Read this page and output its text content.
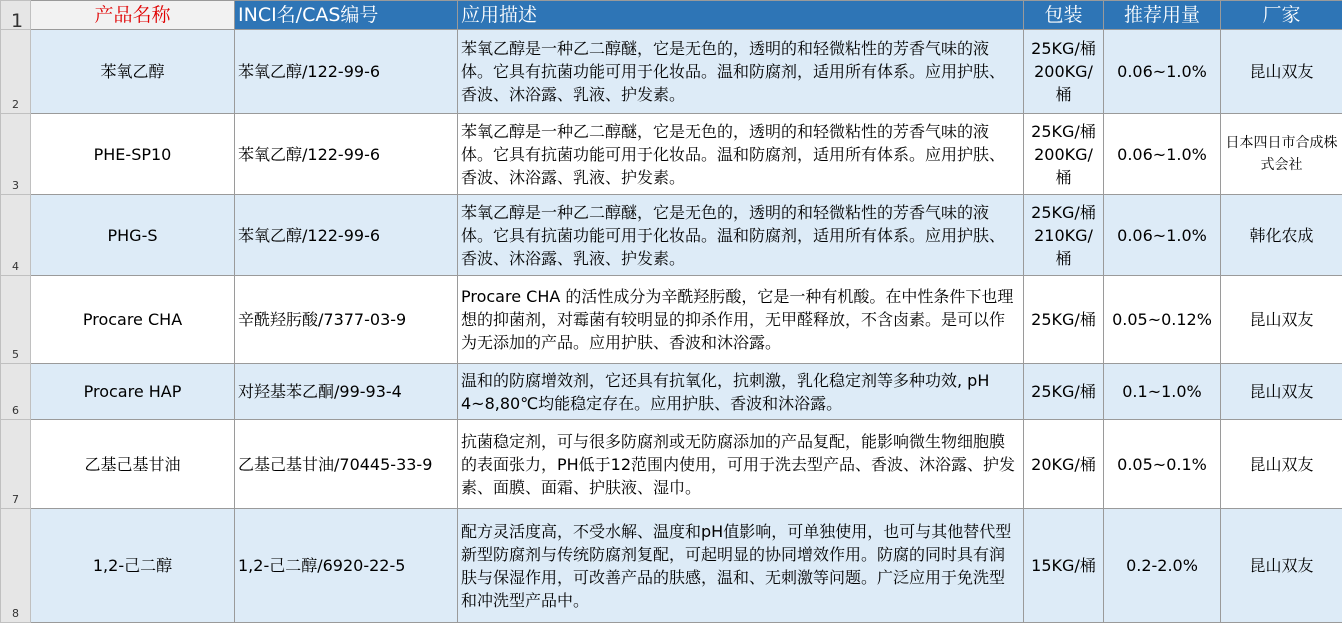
1	产品名称	INCI名/CAS编号	应用描述	包装	推荐用量	厂家
2	苯氧乙醇	苯氧乙醇/122-99-6	苯氧乙醇是一种乙二醇醚，它是无色的，透明的和轻微粘性的芳香气味的液体。它具有抗菌功能可用于化妆品。温和防腐剂，适用所有体系。应用护肤、香波、沐浴露、乳液、护发素。	25KG/桶 200KG/桶	0.06~1.0%	昆山双友
3	PHE-SP10	苯氧乙醇/122-99-6	苯氧乙醇是一种乙二醇醚，它是无色的，透明的和轻微粘性的芳香气味的液体。它具有抗菌功能可用于化妆品。温和防腐剂，适用所有体系。应用护肤、香波、沐浴露、乳液、护发素。	25KG/桶 200KG/桶	0.06~1.0%	日本四日市合成株式会社
4	PHG-S	苯氧乙醇/122-99-6	苯氧乙醇是一种乙二醇醚，它是无色的，透明的和轻微粘性的芳香气味的液体。它具有抗菌功能可用于化妆品。温和防腐剂，适用所有体系。应用护肤、香波、沐浴露、乳液、护发素。	25KG/桶 210KG/桶	0.06~1.0%	韩化农成
5	Procare CHA	辛酰羟肟酸/7377-03-9	Procare CHA 的活性成分为辛酰羟肟酸，它是一种有机酸。在中性条件下也理想的抑菌剂，对霉菌有较明显的抑杀作用，无甲醛释放，不含卤素。是可以作为无添加的产品。应用护肤、香波和沐浴露。	25KG/桶	0.05~0.12%	昆山双友
6	Procare HAP	对羟基苯乙酮/99-93-4	温和的防腐增效剂，它还具有抗氧化，抗刺激，乳化稳定剂等多种功效, pH 4~8,80℃均能稳定存在。应用护肤、香波和沐浴露。	25KG/桶	0.1~1.0%	昆山双友
7	乙基己基甘油	乙基己基甘油/70445-33-9	抗菌稳定剂，可与很多防腐剂或无防腐添加的产品复配，能影响微生物细胞膜的表面张力，PH低于12范围内使用，可用于洗去型产品、香波、沐浴露、护发素、面膜、面霜、护肤液、湿巾。	20KG/桶	0.05~0.1%	昆山双友
8	1,2-己二醇	1,2-己二醇/6920-22-5	配方灵活度高，不受水解、温度和pH值影响，可单独使用，也可与其他替代型新型防腐剂与传统防腐剂复配，可起明显的协同增效作用。防腐的同时具有润肤与保湿作用，可改善产品的肤感，温和、无刺激等问题。广泛应用于免洗型和冲洗型产品中。	15KG/桶	0.2-2.0%	昆山双友
